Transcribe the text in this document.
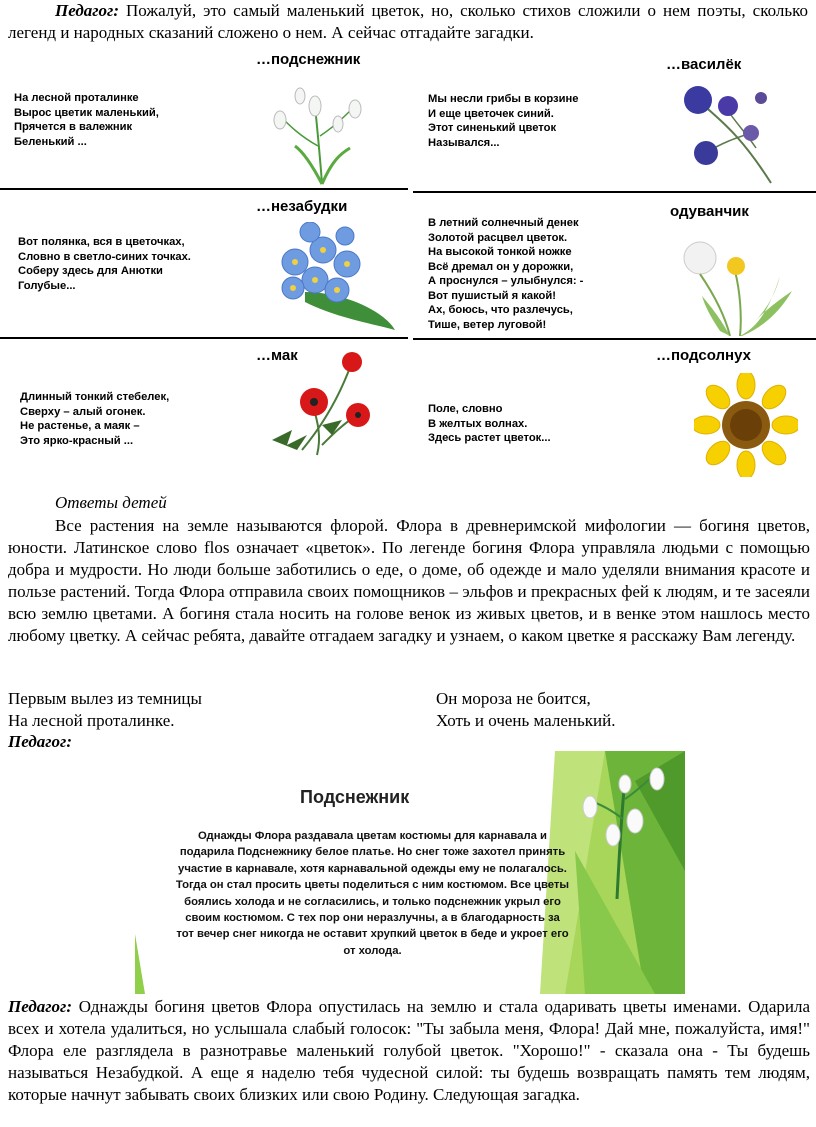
Педагог: Пожалуй, это самый маленький цветок, но, сколько стихов сложили о нем поэты, сколько легенд и народных сказаний сложено о нем. А сейчас отгадайте загадки.

На лесной проталинке
Вырос цветик маленький,
Прячется в валежник
Беленький ...
…подснежник
Мы несли грибы в корзине
И еще цветочек синий.
Этот синенький цветок
Назывался...
…василёк
Вот полянка, вся в цветочках,
Словно в светло-синих точках.
Соберу здесь для Анютки
Голубые...
…незабудки
В летний солнечный денек
Золотой расцвел цветок.
На высокой тонкой ножке
Всё дремал он у дорожки,
А проснулся – улыбнулся: -
Вот пушистый я какой!
Ах, боюсь, что разлечусь,
Тише, ветер луговой!
одуванчик
Длинный тонкий стебелек,
Сверху – алый огонек.
Не растенье, а маяк –
Это ярко-красный ...
…мак
Поле, словно
В желтых волнах.
Здесь растет цветок...
…подсолнух
Ответы детей

Все растения на земле называются флорой. Флора в древнеримской мифологии — богиня цветов, юности. Латинское слово flos означает «цветок». По легенде богиня Флора управляла людьми с помощью добра и мудрости. Но люди больше заботились о еде, о доме, об одежде и мало уделяли внимания красоте и пользе растений. Тогда Флора отправила своих помощников – эльфов и прекрасных фей к людям, и те засеяли всю землю цветами. А богиня стала носить на голове венок из живых цветов, и в венке этом нашлось место любому цветку. А сейчас ребята, давайте отгадаем загадку и узнаем, о каком цветке я расскажу Вам легенду.

Первым вылез из темницы
На лесной проталинке.
Он мороза не боится,
Хоть и очень маленький.
Педагог:
Подснежник
Однажды Флора раздавала цветам костюмы для карнавала и подарила Подснежнику белое платье. Но снег тоже захотел принять участие в карнавале, хотя карнавальной одежды ему не полагалось. Тогда он стал просить цветы поделиться с ним костюмом. Все цветы боялись холода и не согласились, и только подснежник укрыл его своим костюмом. С тех пор они неразлучны, а в благодарность за тот вечер снег никогда не оставит хрупкий цветок в беде и укроет его от холода.

Педагог: Однажды богиня цветов Флора опустилась на землю и стала одаривать цветы именами. Одарила всех и хотела удалиться, но услышала слабый голосок: "Ты забыла меня, Флора! Дай мне, пожалуйста, имя!" Флора еле разглядела в разнотравье маленький голубой цветок. "Хорошо!" - сказала она - Ты будешь называться Незабудкой. А еще я наделю тебя чудесной силой: ты будешь возвращать память тем людям, которые начнут забывать своих близких или свою Родину. Следующая загадка.
